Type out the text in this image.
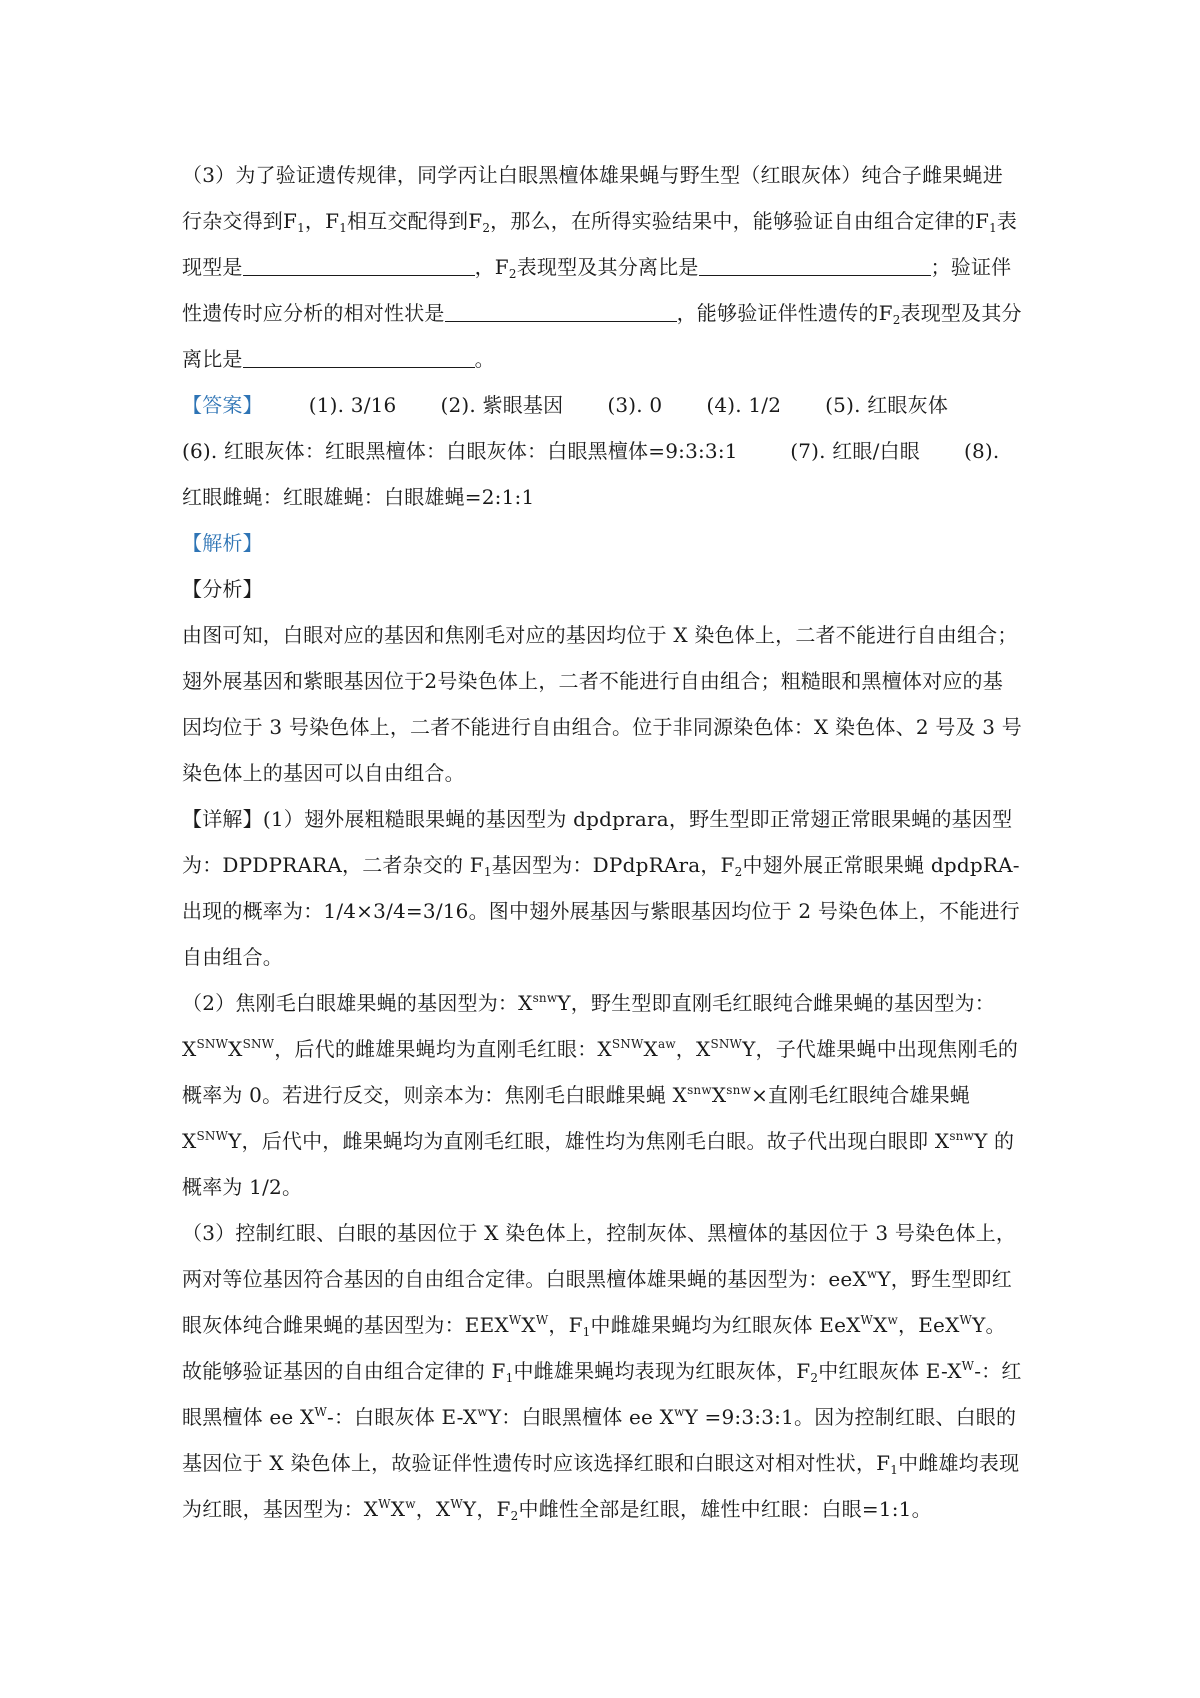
（3）为了验证遗传规律，同学丙让白眼黑檀体雄果蝇与野生型（红眼灰体）纯合子雌果蝇进行杂交得到$F_1$，$F_1$相互交配得到$F_2$，那么，在所得实验结果中，能够验证自由组合定律的$F_1$表现型是	，$F_2$表现型及其分离比是	；验证伴性遗传时应分析的相对性状是	，能够验证伴性遗传的$F_2$表现型及其分离比是	。

【答案】 (1). 3/16 (2). 紫眼基因 (3). 0 (4). 1/2 (5). 红眼灰体(6). 红眼灰体：红眼黑檀体：白眼灰体：白眼黑檀体=9:3:3:1	(7). 红眼/白眼 (8). 红眼雌蝇：红眼雄蝇：白眼雄蝇=2:1:1

【解析】

【分析】

由图可知，白眼对应的基因和焦刚毛对应的基因均位于 X 染色体上，二者不能进行自由组合；翅外展基因和紫眼基因位于2号染色体上，二者不能进行自由组合；粗糙眼和黑檀体对应的基因均位于 3 号染色体上，二者不能进行自由组合。位于非同源染色体：X 染色体、2 号及 3 号染色体上的基因可以自由组合。

【详解】(1）翅外展粗糙眼果蝇的基因型为 dpdprara，野生型即正常翅正常眼果蝇的基因型为：DPDPRARA，二者杂交的 $F_1$基因型为：DPdpRAra，$F_2$中翅外展正常眼果蝇 dpdpRA-出现的概率为：1/4×3/4=3/16。图中翅外展基因与紫眼基因均位于 2 号染色体上，不能进行自由组合。

（2）焦刚毛白眼雄果蝇的基因型为：$X^{snw}Y$，野生型即直刚毛红眼纯合雌果蝇的基因型为：$X^{SNW}X^{SNW}$，后代的雌雄果蝇均为直刚毛红眼：$X^{SNW}X^{aw}$，$X^{SNW}Y$，子代雄果蝇中出现焦刚毛的概率为 0。若进行反交，则亲本为：焦刚毛白眼雌果蝇 $X^{snw}X^{snw}\times$直刚毛红眼纯合雄果蝇 $X^{SNW}Y$，后代中，雌果蝇均为直刚毛红眼，雄性均为焦刚毛白眼。故子代出现白眼即 $X^{snw}Y$ 的概率为 1/2。

（3）控制红眼、白眼的基因位于 X 染色体上，控制灰体、黑檀体的基因位于 3 号染色体上，两对等位基因符合基因的自由组合定律。白眼黑檀体雄果蝇的基因型为：eeX$^w$Y，野生型即红眼灰体纯合雌果蝇的基因型为：$EEX^WX^W$，$F_1$中雌雄果蝇均为红眼灰体 $EeX^WX^w$，EeX$^W$Y。故能够验证基因的自由组合定律的 $F_1$中雌雄果蝇均表现为红眼灰体，$F_2$中红眼灰体 $E-X^W-$：红眼黑檀体 ee $X^W-$：白眼灰体 $E-X^wY$：白眼黑檀体 ee $X^wY$ =9:3:3:1。因为控制红眼、白眼的基因位于 X 染色体上，故验证伴性遗传时应该选择红眼和白眼这对相对性状，$F_1$中雌雄均表现为红眼，基因型为：$X^WX^w$，$X^WY$，$F_2$中雌性全部是红眼，雄性中红眼：白眼=1:1。
